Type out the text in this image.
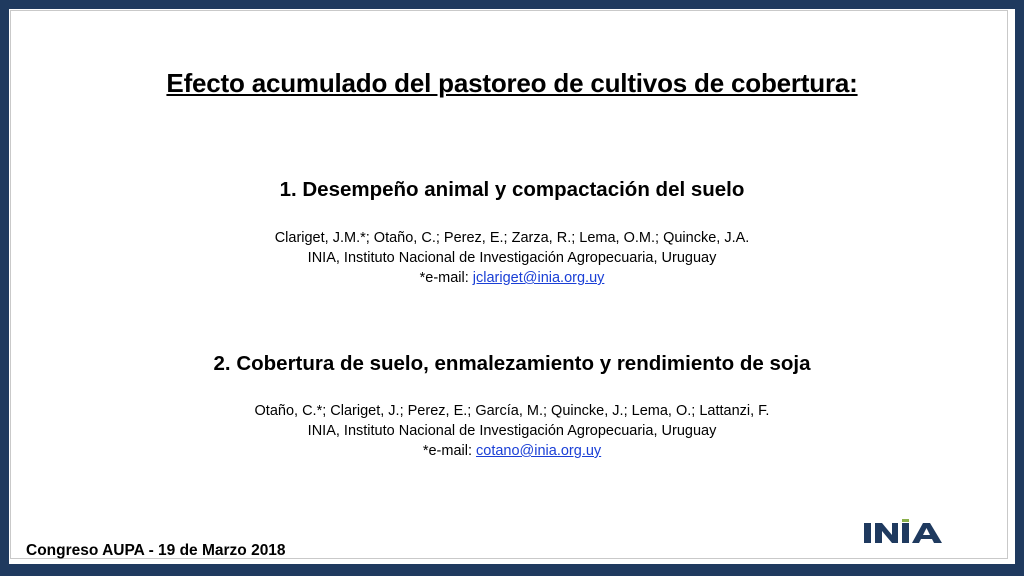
Efecto acumulado del pastoreo de cultivos de cobertura:
1. Desempeño animal y compactación del suelo
Clariget, J.M.*; Otaño, C.; Perez, E.; Zarza, R.; Lema, O.M.; Quincke, J.A.
INIA, Instituto Nacional de Investigación Agropecuaria, Uruguay
*e-mail: jclariget@inia.org.uy
2. Cobertura de suelo, enmalezamiento y rendimiento de soja
Otaño, C.*; Clariget, J.; Perez, E.; García, M.; Quincke, J.; Lema, O.; Lattanzi, F.
INIA, Instituto Nacional de Investigación Agropecuaria, Uruguay
*e-mail: cotano@inia.org.uy
Congreso AUPA - 19 de Marzo 2018
